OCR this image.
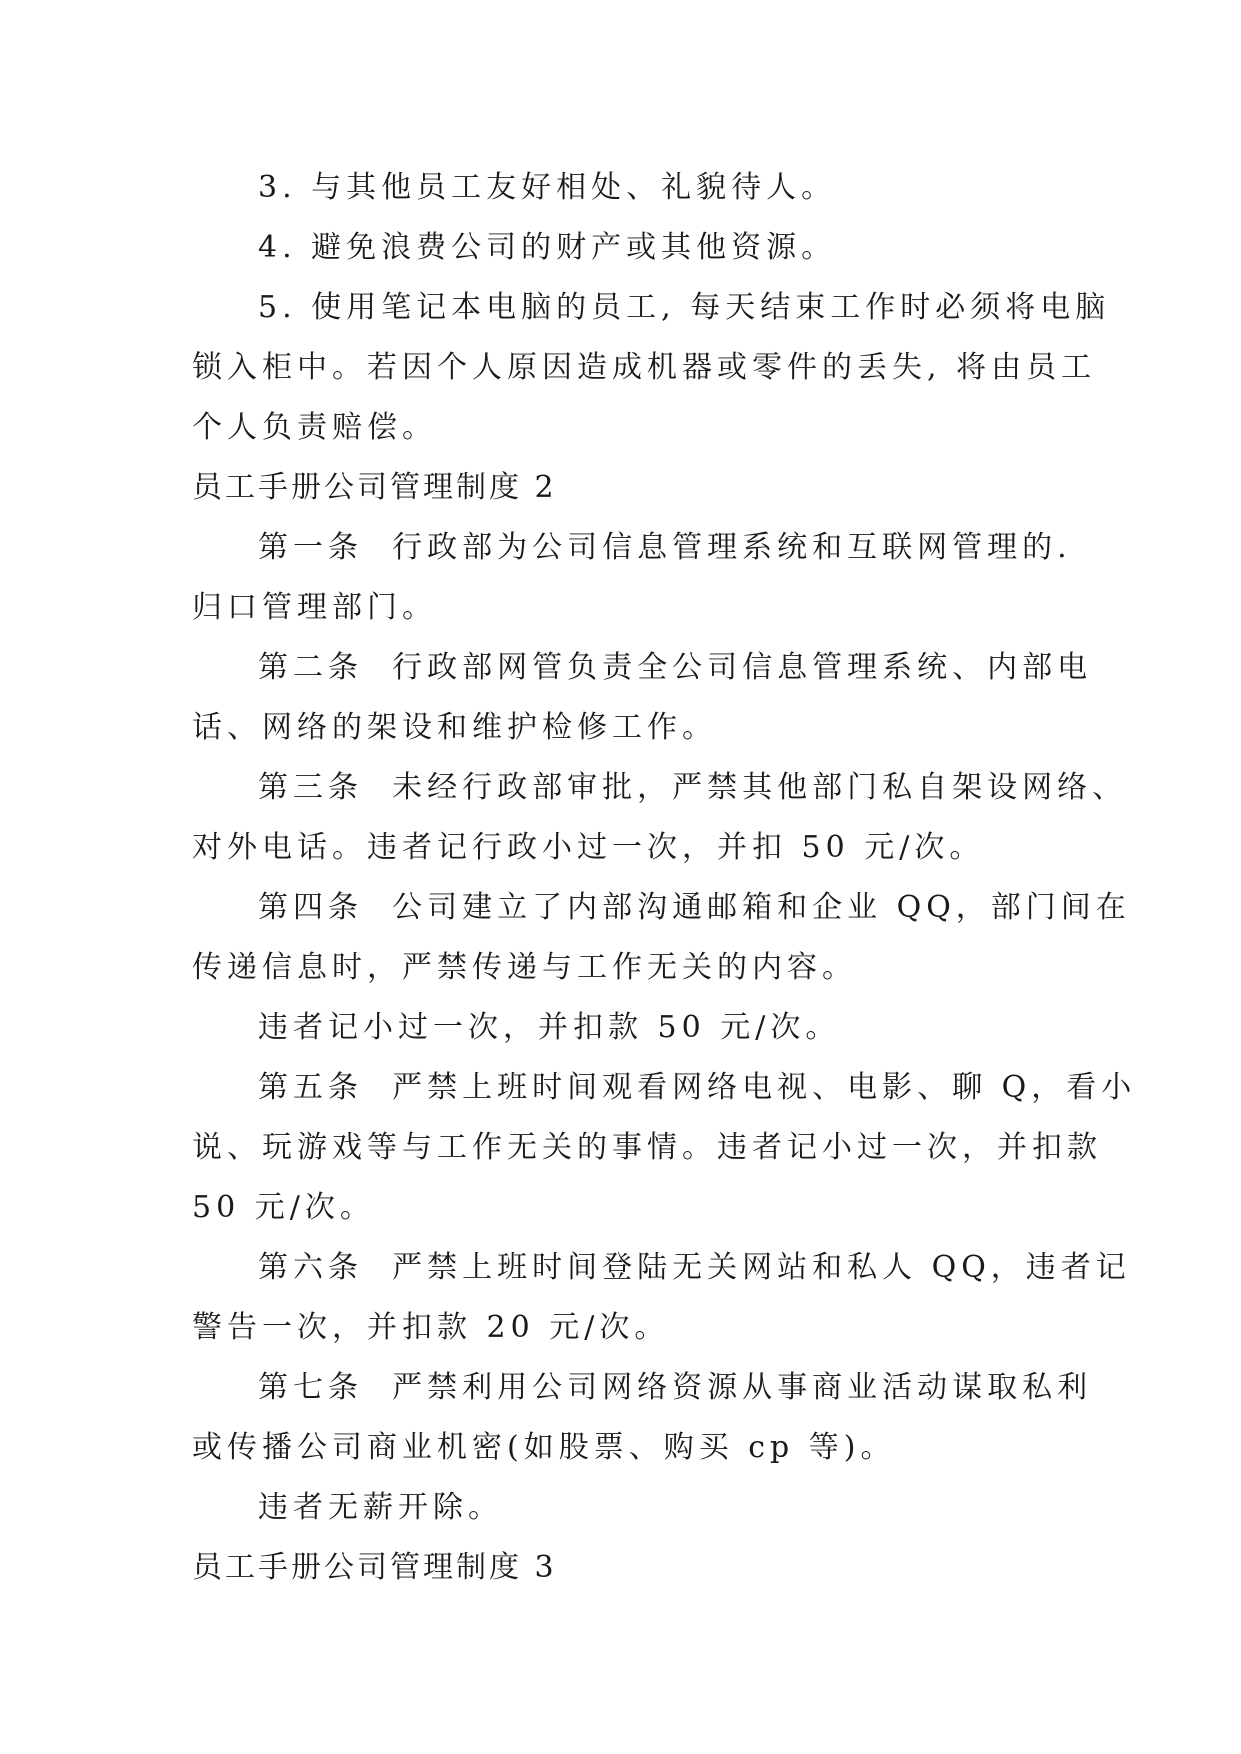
3. 与其他员工友好相处、礼貌待人。
4. 避免浪费公司的财产或其他资源。
5. 使用笔记本电脑的员工, 每天结束工作时必须将电脑
锁入柜中。若因个人原因造成机器或零件的丢失, 将由员工
个人负责赔偿。
员工手册公司管理制度 2
第一条  行政部为公司信息管理系统和互联网管理的.
归口管理部门。
第二条  行政部网管负责全公司信息管理系统、内部电
话、网络的架设和维护检修工作。
第三条  未经行政部审批，严禁其他部门私自架设网络、
对外电话。违者记行政小过一次，并扣 50 元/次。
第四条  公司建立了内部沟通邮箱和企业 QQ，部门间在
传递信息时，严禁传递与工作无关的内容。
违者记小过一次，并扣款 50 元/次。
第五条  严禁上班时间观看网络电视、电影、聊 Q，看小
说、玩游戏等与工作无关的事情。违者记小过一次，并扣款
50 元/次。
第六条  严禁上班时间登陆无关网站和私人 QQ，违者记
警告一次，并扣款 20 元/次。
第七条  严禁利用公司网络资源从事商业活动谋取私利
或传播公司商业机密(如股票、购买 cp 等)。
违者无薪开除。
员工手册公司管理制度 3
